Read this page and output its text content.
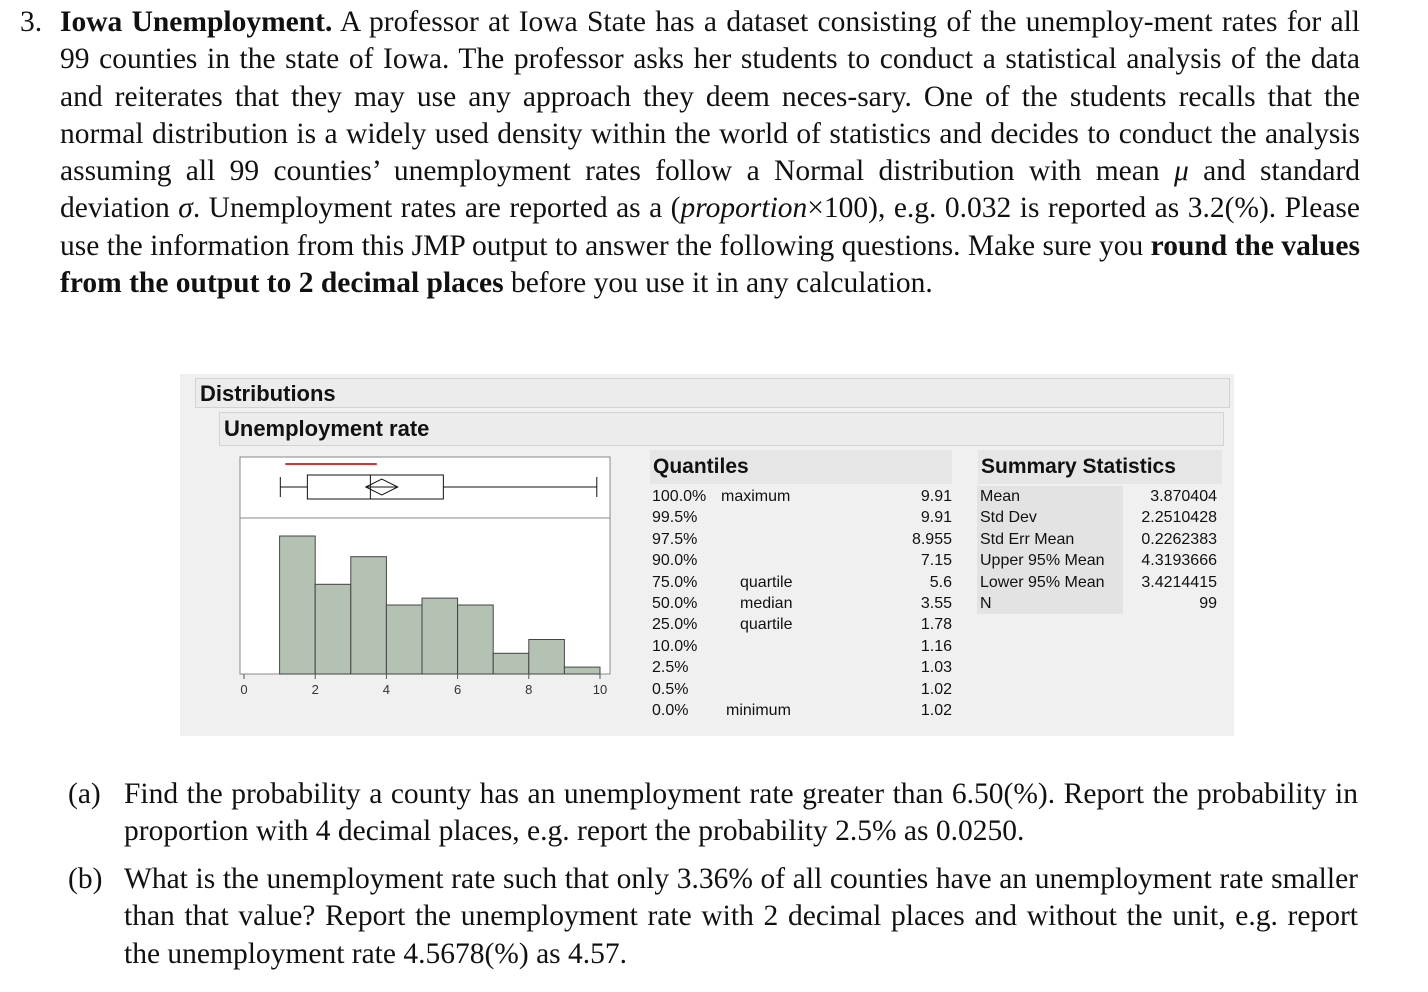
3. Iowa Unemployment. A professor at Iowa State has a dataset consisting of the unemploy-ment rates for all 99 counties in the state of Iowa. The professor asks her students to conduct a statistical analysis of the data and reiterates that they may use any approach they deem neces-sary. One of the students recalls that the normal distribution is a widely used density within the world of statistics and decides to conduct the analysis assuming all 99 counties’ unemployment rates follow a Normal distribution with mean μ and standard deviation σ. Unemployment rates are reported as a (proportion×100), e.g. 0.032 is reported as 3.2(%). Please use the information from this JMP output to answer the following questions. Make sure you round the values from the output to 2 decimal places before you use it in any calculation.
Distributions
Unemployment rate
0	2	4	6	8	10
Quantiles
100.0% maximum	9.91
99.5%	9.91
97.5%	8.955
90.0%	7.15
75.0%	quartile	5.6
50.0%	median	3.55
25.0%	quartile	1.78
10.0%	1.16
2.5%	1.03
0.5%	1.02
0.0% minimum	1.02
Summary Statistics
Mean	3.870404
Std Dev	2.2510428
Std Err Mean	0.2262383
Upper 95% Mean	4.3193666
Lower 95% Mean	3.4214415
N	99
(a) Find the probability a county has an unemployment rate greater than 6.50(%). Report the probability in proportion with 4 decimal places, e.g. report the probability 2.5% as 0.0250.
(b) What is the unemployment rate such that only 3.36% of all counties have an unemployment rate smaller than that value? Report the unemployment rate with 2 decimal places and without the unit, e.g. report the unemployment rate 4.5678(%) as 4.57.
